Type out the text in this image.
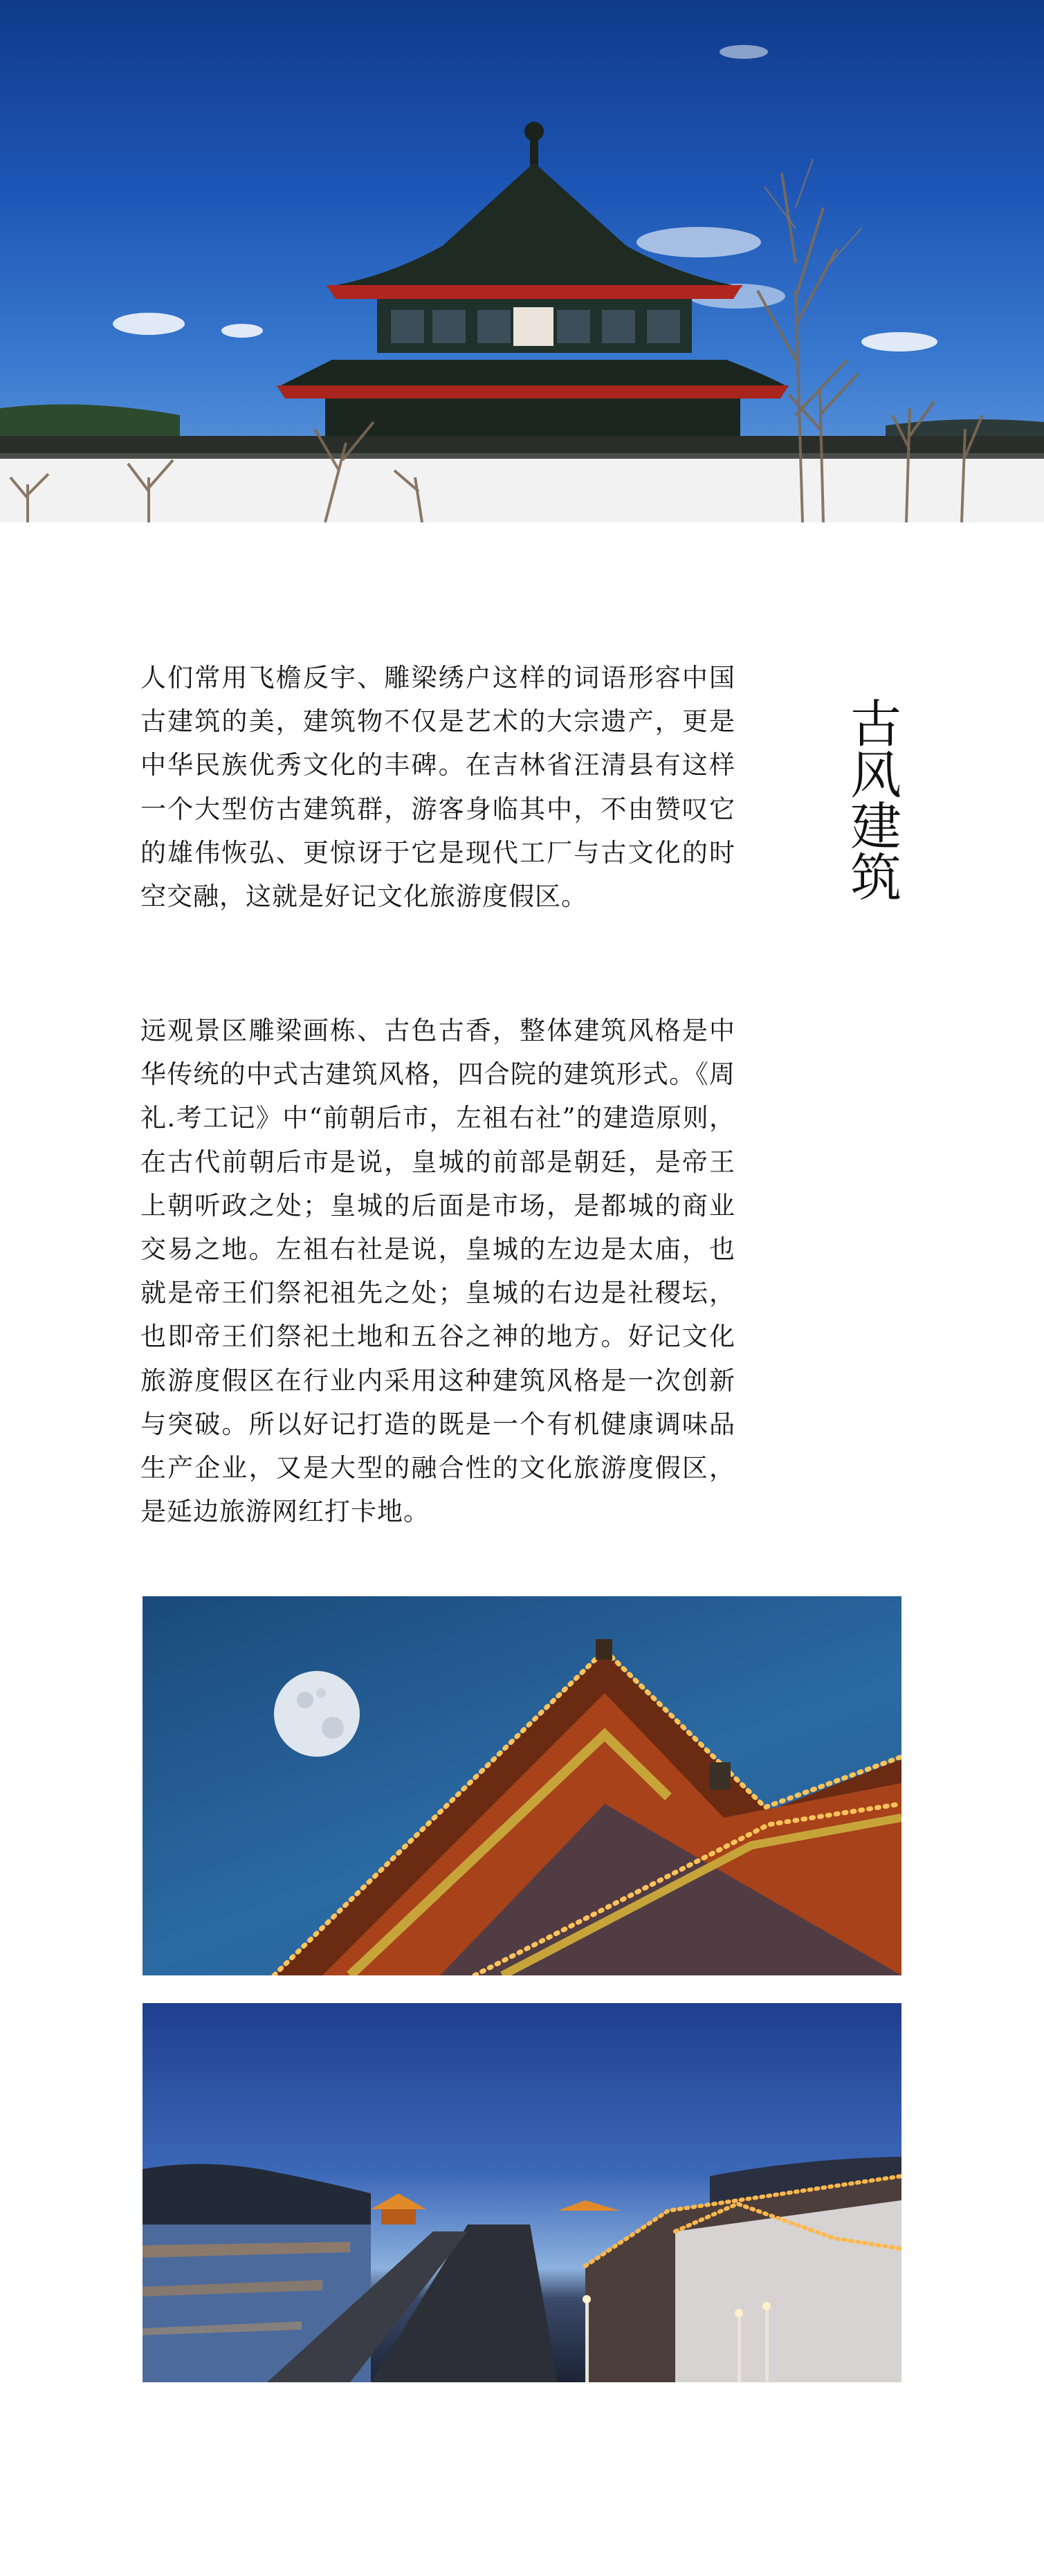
古风建筑

人们常用飞檐反宇、雕梁绣户这样的词语形容中国古建筑的美，建筑物不仅是艺术的大宗遗产，更是中华民族优秀文化的丰碑。在吉林省汪清县有这样一个大型仿古建筑群，游客身临其中，不由赞叹它的雄伟恢弘、更惊讶于它是现代工厂与古文化的时空交融，这就是好记文化旅游度假区。

远观景区雕梁画栋、古色古香，整体建筑风格是中华传统的中式古建筑风格，四合院的建筑形式。《周礼.考工记》中“前朝后市，左祖右社”的建造原则，在古代前朝后市是说，皇城的前部是朝廷，是帝王上朝听政之处；皇城的后面是市场，是都城的商业交易之地。左祖右社是说，皇城的左边是太庙，也就是帝王们祭祀祖先之处；皇城的右边是社稷坛，也即帝王们祭祀土地和五谷之神的地方。好记文化旅游度假区在行业内采用这种建筑风格是一次创新与突破。所以好记打造的既是一个有机健康调味品生产企业，又是大型的融合性的文化旅游度假区，是延边旅游网红打卡地。
